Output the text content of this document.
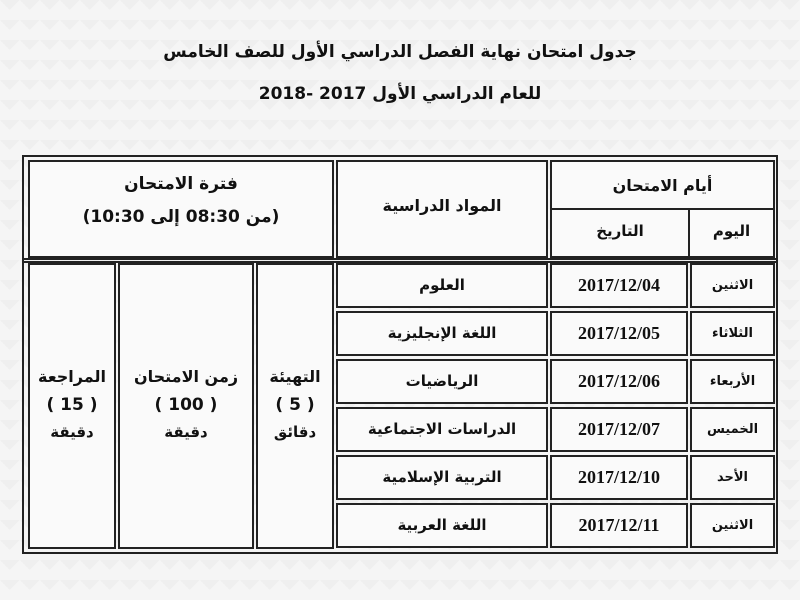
جدول امتحان نهاية الفصل الدراسي الأول للصف الخامس
للعام الدراسي الأول 2017 -2018
فترة الامتحان
(من 08:30 إلى 10:30)
المواد الدراسية
أيام الامتحان
التاريخ	اليوم
المراجعة
( 15 )
دقيقة
زمن الامتحان
( 100 )
دقيقة
التهيئة
( 5 )
دقائق
العلوم	2017/12/04	الاثنين
اللغة الإنجليزية	2017/12/05	الثلاثاء
الرياضيات	2017/12/06	الأربعاء
الدراسات الاجتماعية	2017/12/07	الخميس
التربية الإسلامية	2017/12/10	الأحد
اللغة العربية	2017/12/11	الاثنين
